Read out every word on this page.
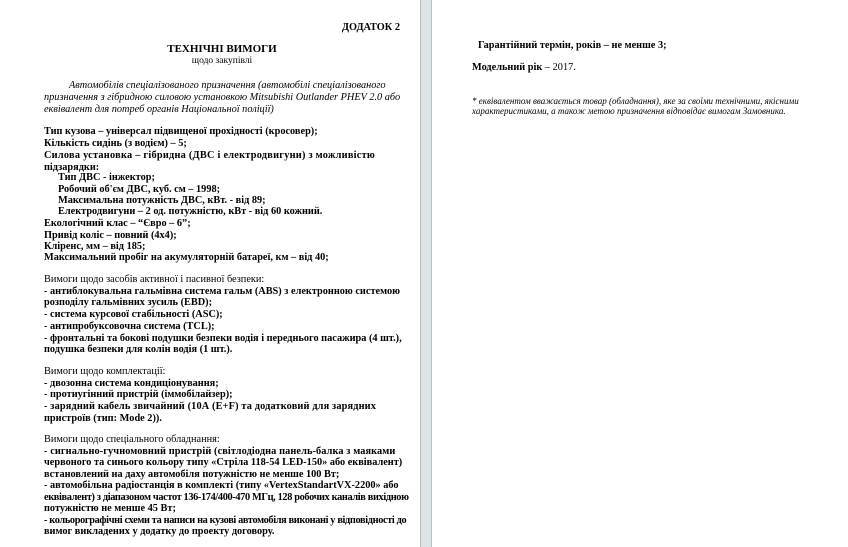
ДОДАТОК 2
ТЕХНІЧНІ ВИМОГИ
щодо закупівлі
Автомобілів спеціалізованого призначення (автомобілі спеціалізованого
призначення з гібридною силовою установкою Mitsubishi Outlander PHEV 2.0 або
еквівалент для потреб органів Національної поліції)
Тип кузова – універсал підвищеної прохідності (кросовер);
Кількість сидінь (з водієм) – 5;
Силова установка – гібридна (ДВС і електродвигуни) з можливістю
підзарядки:
Тип ДВС - інжектор;
Робочий об'єм ДВС, куб. см – 1998;
Максимальна потужність ДВС, кВт. - від 89;
Електродвигуни – 2 од. потужністю, кВт - від 60 кожний.
Екологічний клас – “Євро – 6”;
Привід коліс – повний (4х4);
Кліренс, мм – від 185;
Максимальний пробіг на акумуляторній батареї, км – від 40;
Вимоги щодо засобів активної і пасивної безпеки:
- антиблокувальна гальмівна система гальм (ABS) з електронною системою
розподілу гальмівних зусиль (EBD);
- система курсової стабільності (ASC);
- антипробуксовочна система (TCL);
- фронтальні та бокові подушки безпеки водія і переднього пасажира (4 шт.),
подушка безпеки для колін водія (1 шт.).
Вимоги щодо комплектації:
- двозонна система кондиціонування;
- протиугінний пристрій (іммобілайзер);
- зарядний кабель звичайний (10А (Е+F) та додатковий для зарядних
пристроїв (тип: Mode 2)).
Вимоги щодо спеціального обладнання:
- сигнально-гучномовний пристрій (світлодіодна панель-балка з маяками
червоного та синього кольору типу «Стріла 118-54 LED-150» або еквівалент)
встановлений на даху автомобіля потужністю не менше 100 Вт;
- автомобільна радіостанція в комплекті (типу «VertexStandartVX-2200» або
еквівалент) з діапазоном частот 136-174/400-470 МГц, 128 робочих каналів вихідною
потужністю не менше 45 Вт;
- кольорографічні схеми та написи на кузові автомобіля виконані у відповідності до
вимог викладених у додатку до проекту договору.
Гарантійний термін, років – не менше 3;
Модельний рік – 2017.
* еквівалентом вважається товар (обладнання), яке за своїми технічними, якісними
характеристиками, а також метою призначення відповідає вимогам Замовника.
